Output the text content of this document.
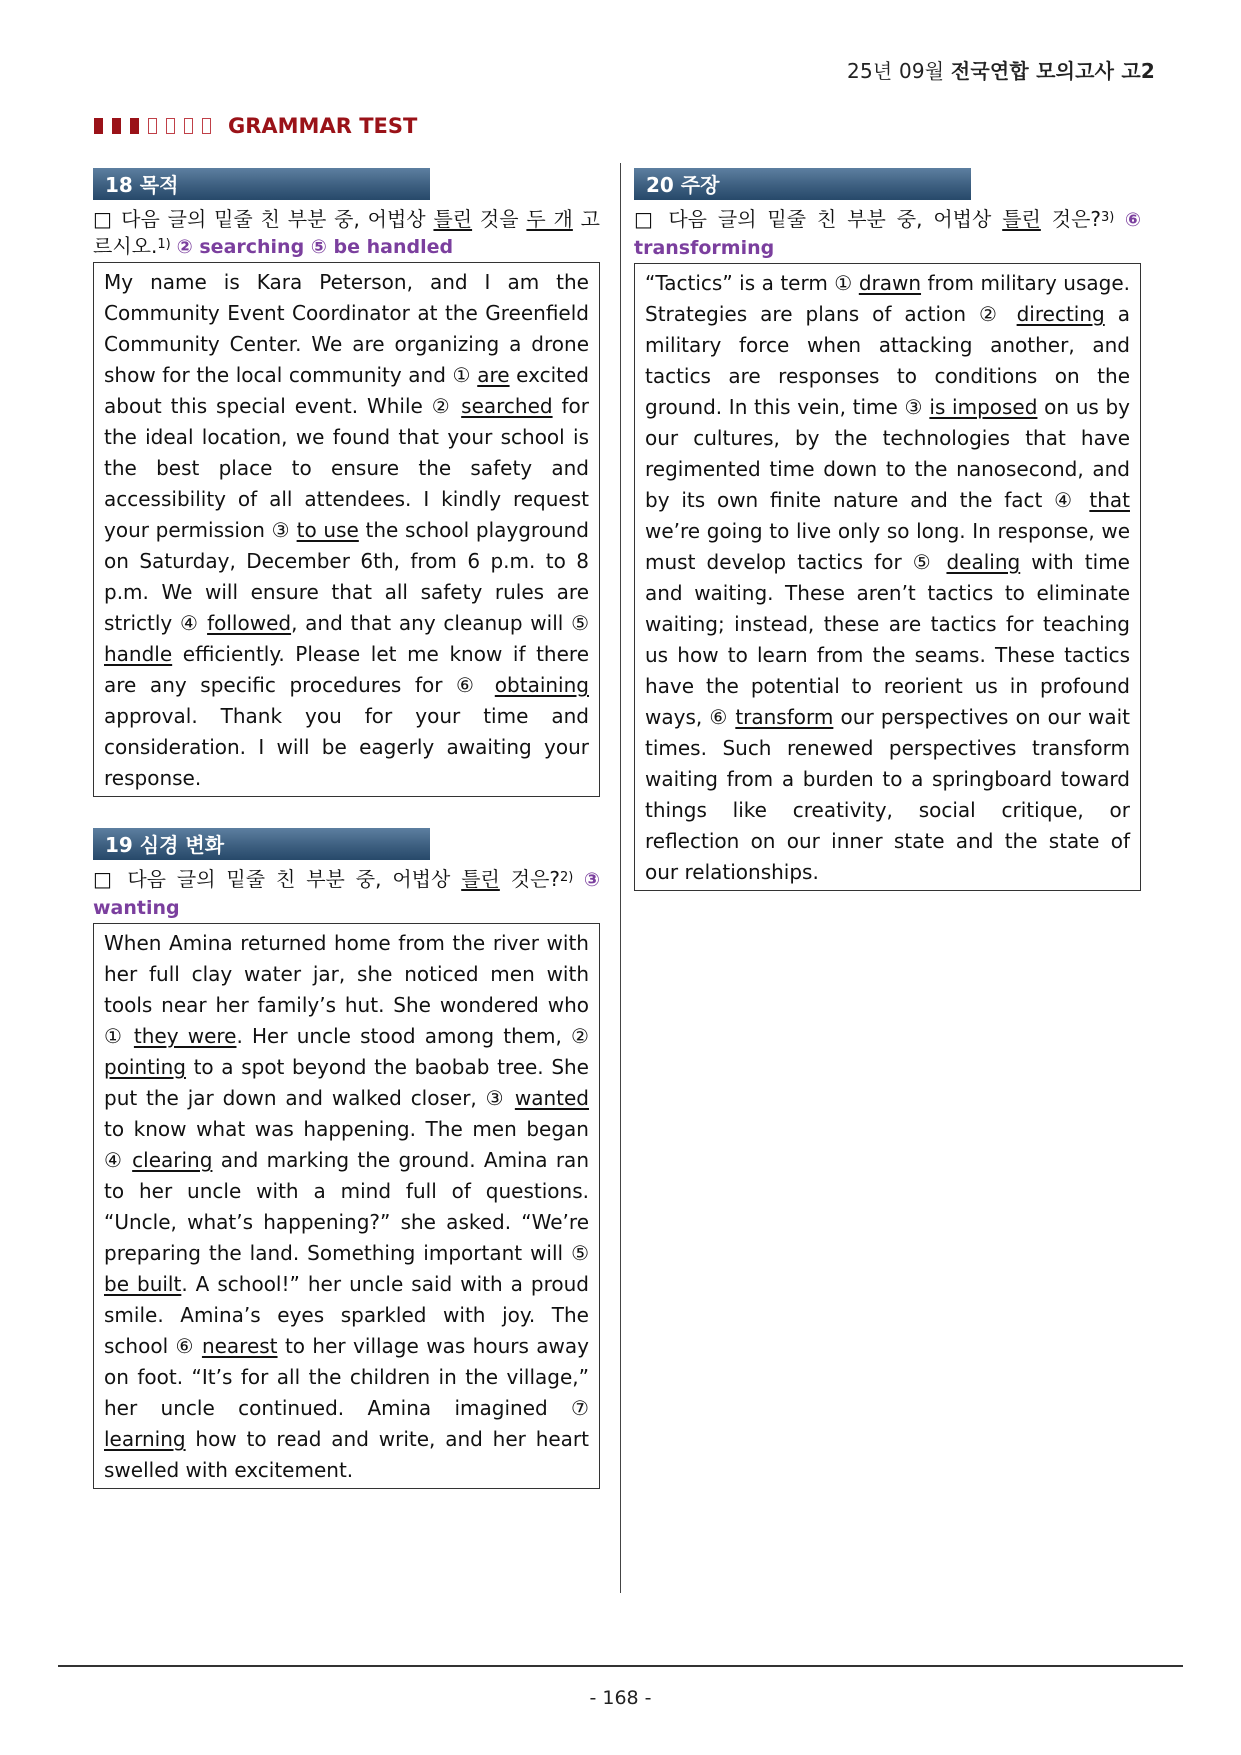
25년 09월 전국연합 모의고사 고2
GRAMMAR TEST
18 목적
□ 다음 글의 밑줄 친 부분 중, 어법상 틀린 것을 두 개 고르시오.$^{1)}$ ② searching ⑤ be handled
My name is Kara Peterson, and I am the Community Event Coordinator at the Greenfield Community Center. We are organizing a drone show for the local community and ① are excited about this special event. While ② searched for the ideal location, we found that your school is the best place to ensure the safety and accessibility of all attendees. I kindly request your permission ③ to use the school playground on Saturday, December 6th, from 6 p.m. to 8 p.m. We will ensure that all safety rules are strictly ④ followed, and that any cleanup will ⑤ handle efficiently. Please let me know if there are any specific procedures for ⑥ obtaining approval. Thank you for your time and consideration. I will be eagerly awaiting your response.
19 심경 변화
□ 다음 글의 밑줄 친 부분 중, 어법상 틀린 것은?$^{2)}$ ③ wanting
When Amina returned home from the river with her full clay water jar, she noticed men with tools near her family’s hut. She wondered who ① they were. Her uncle stood among them, ② pointing to a spot beyond the baobab tree. She put the jar down and walked closer, ③ wanted to know what was happening. The men began ④ clearing and marking the ground. Amina ran to her uncle with a mind full of questions. “Uncle, what’s happening?” she asked. “We’re preparing the land. Something important will ⑤ be built. A school!” her uncle said with a proud smile. Amina’s eyes sparkled with joy. The school ⑥ nearest to her village was hours away on foot. “It’s for all the children in the village,” her uncle continued. Amina imagined ⑦ learning how to read and write, and her heart swelled with excitement.
20 주장
□ 다음 글의 밑줄 친 부분 중, 어법상 틀린 것은?$^{3)}$ ⑥ transforming
“Tactics” is a term ① drawn from military usage. Strategies are plans of action ② directing a military force when attacking another, and tactics are responses to conditions on the ground. In this vein, time ③ is imposed on us by our cultures, by the technologies that have regimented time down to the nanosecond, and by its own finite nature and the fact ④ that we’re going to live only so long. In response, we must develop tactics for ⑤ dealing with time and waiting. These aren’t tactics to eliminate waiting; instead, these are tactics for teaching us how to learn from the seams. These tactics have the potential to reorient us in profound ways, ⑥ transform our perspectives on our wait times. Such renewed perspectives transform waiting from a burden to a springboard toward things like creativity, social critique, or reflection on our inner state and the state of our relationships.
- 168 -
